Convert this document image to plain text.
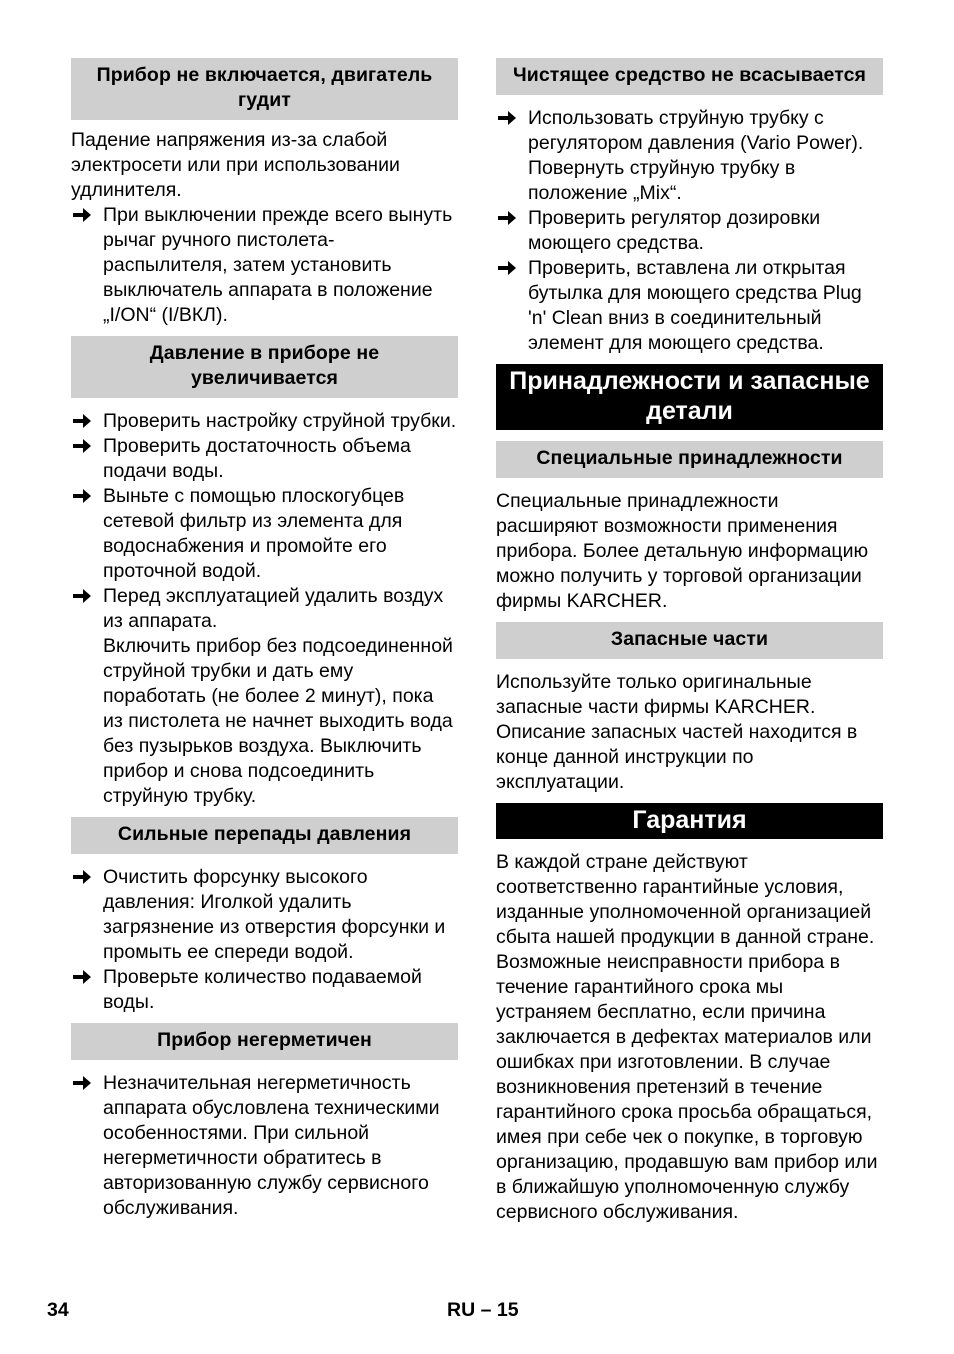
Прибор не включается, двигатель гудит

Падение напряжения из-за слабой электросети или при использовании удлинителя.

При выключении прежде всего вынуть рычаг ручного пистолета-распылителя, затем установить выключатель аппарата в положение „I/ON“ (I/ВКЛ).
Давление в приборе не увеличивается
Проверить настройку струйной трубки.
Проверить достаточность объема подачи воды.
Выньте с помощью плоскогубцев сетевой фильтр из элемента для водоснабжения и промойте его проточной водой.
Перед эксплуатацией удалить воздух из аппарата.
Включить прибор без подсоединенной струйной трубки и дать ему поработать (не более 2 минут), пока из пистолета не начнет выходить вода без пузырьков воздуха. Выключить прибор и снова подсоединить струйную трубку.
Сильные перепады давления
Очистить форсунку высокого давления: Иголкой удалить загрязнение из отверстия форсунки и промыть ее спереди водой.
Проверьте количество подаваемой воды.
Прибор негерметичен
Незначительная негерметичность аппарата обусловлена техническими особенностями. При сильной негерметичности обратитесь в авторизованную службу сервисного обслуживания.
Чистящее средство не всасывается
Использовать струйную трубку с регулятором давления (Vario Power). Повернуть струйную трубку в положение „Mix“.
Проверить регулятор дозировки моющего средства.
Проверить, вставлена ли открытая бутылка для моющего средства Plug 'n' Clean вниз в соединительный элемент для моющего средства.
Принадлежности и запасные детали
Специальные принадлежности

Специальные принадлежности расширяют возможности применения прибора. Более детальную информацию можно получить у торговой организации фирмы KARCHER.

Запасные части

Используйте только оригинальные запасные части фирмы KARCHER. Описание запасных частей находится в конце данной инструкции по эксплуатации.

Гарантия

В каждой стране действуют соответственно гарантийные условия, изданные уполномоченной организацией сбыта нашей продукции в данной стране. Возможные неисправности прибора в течение гарантийного срока мы устраняем бесплатно, если причина заключается в дефектах материалов или ошибках при изготовлении. В случае возникновения претензий в течение гарантийного срока просьба обращаться, имея при себе чек о покупке, в торговую организацию, продавшую вам прибор или в ближайшую уполномоченную службу сервисного обслуживания.

34	RU – 15
